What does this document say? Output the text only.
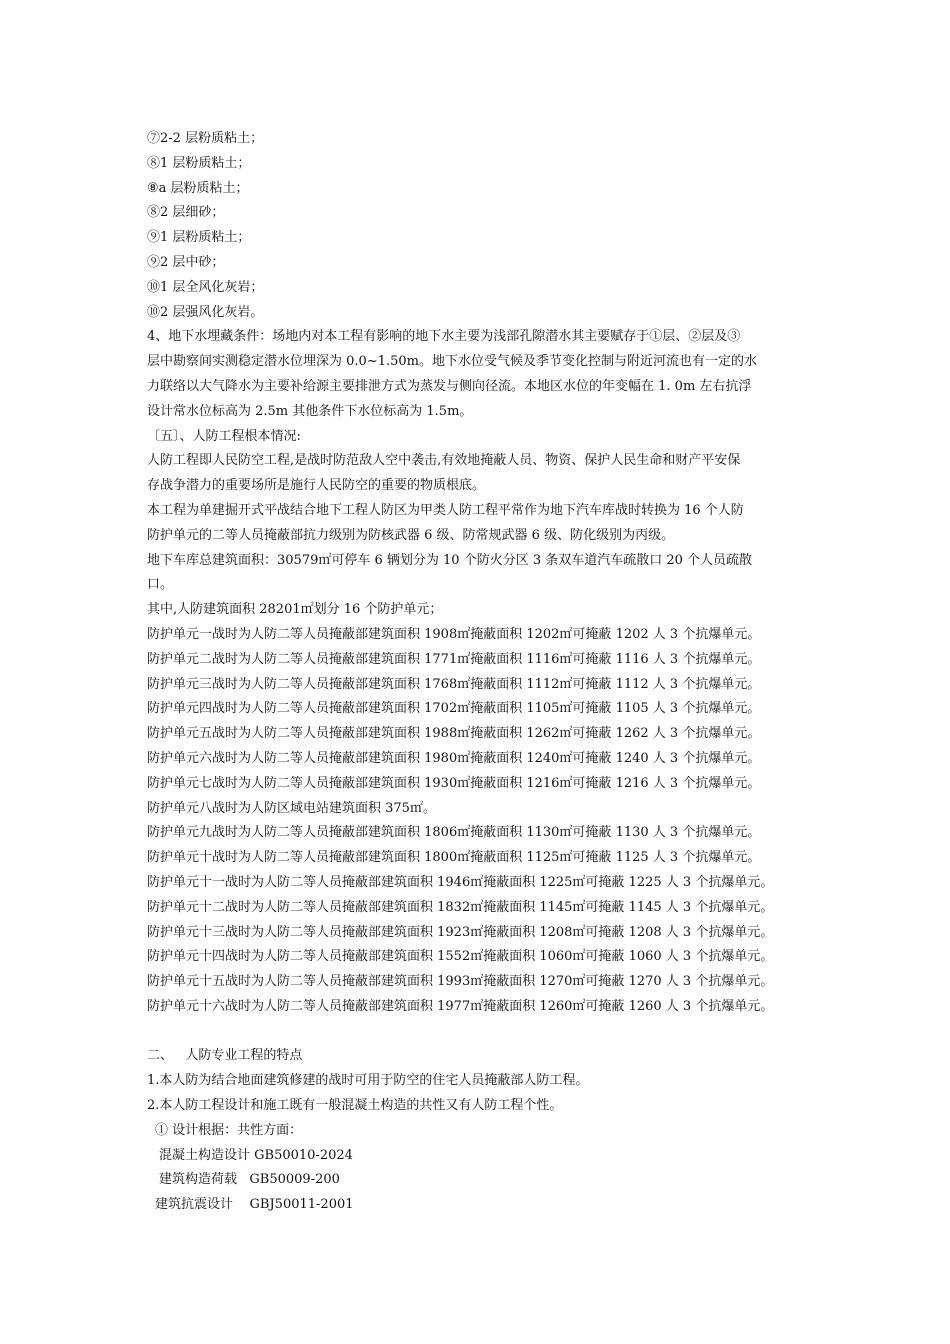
⑦2-2 层粉质粘土；
⑧1 层粉质粘土；
⑧a 层粉质粘土；
⑧2 层细砂；
⑨1 层粉质粘土；
⑨2 层中砂；
⑩1 层全风化灰岩；
⑩2 层强风化灰岩。
4、地下水埋藏条件：场地内对本工程有影响的地下水主要为浅部孔隙潜水其主要赋存于①层、②层及③
层中勘察间实测稳定潜水位埋深为 0.0~1.50m。地下水位受气候及季节变化控制与附近河流也有一定的水
力联络以大气降水为主要补给源主要排泄方式为蒸发与侧向径流。本地区水位的年变幅在 1. 0m 左右抗浮
设计常水位标高为 2.5m 其他条件下水位标高为 1.5m。
〔五〕、人防工程根本情况:
人防工程即人民防空工程,是战时防范敌人空中袭击,有效地掩蔽人员、物资、保护人民生命和财产平安保
存战争潜力的重要场所是施行人民防空的重要的物质根底。
本工程为单建掘开式平战结合地下工程人防区为甲类人防工程平常作为地下汽车库战时转换为 16 个人防
防护单元的二等人员掩蔽部抗力级别为防核武器 6 级、防常规武器 6 级、防化级别为丙级。
地下车库总建筑面积：30579㎡可停车 6 辆划分为 10 个防火分区 3 条双车道汽车疏散口 20 个人员疏散
口。
其中,人防建筑面积 28201㎡划分 16 个防护单元；
防护单元一战时为人防二等人员掩蔽部建筑面积 1908㎡掩蔽面积 1202㎡可掩蔽 1202 人 3 个抗爆单元。
防护单元二战时为人防二等人员掩蔽部建筑面积 1771㎡掩蔽面积 1116㎡可掩蔽 1116 人 3 个抗爆单元。
防护单元三战时为人防二等人员掩蔽部建筑面积 1768㎡掩蔽面积 1112㎡可掩蔽 1112 人 3 个抗爆单元。
防护单元四战时为人防二等人员掩蔽部建筑面积 1702㎡掩蔽面积 1105㎡可掩蔽 1105 人 3 个抗爆单元。
防护单元五战时为人防二等人员掩蔽部建筑面积 1988㎡掩蔽面积 1262㎡可掩蔽 1262 人 3 个抗爆单元。
防护单元六战时为人防二等人员掩蔽部建筑面积 1980㎡掩蔽面积 1240㎡可掩蔽 1240 人 3 个抗爆单元。
防护单元七战时为人防二等人员掩蔽部建筑面积 1930㎡掩蔽面积 1216㎡可掩蔽 1216 人 3 个抗爆单元。
防护单元八战时为人防区域电站建筑面积 375㎡。
防护单元九战时为人防二等人员掩蔽部建筑面积 1806㎡掩蔽面积 1130㎡可掩蔽 1130 人 3 个抗爆单元。
防护单元十战时为人防二等人员掩蔽部建筑面积 1800㎡掩蔽面积 1125㎡可掩蔽 1125 人 3 个抗爆单元。
防护单元十一战时为人防二等人员掩蔽部建筑面积 1946㎡掩蔽面积 1225㎡可掩蔽 1225 人 3 个抗爆单元。
防护单元十二战时为人防二等人员掩蔽部建筑面积 1832㎡掩蔽面积 1145㎡可掩蔽 1145 人 3 个抗爆单元。
防护单元十三战时为人防二等人员掩蔽部建筑面积 1923㎡掩蔽面积 1208㎡可掩蔽 1208 人 3 个抗爆单元。
防护单元十四战时为人防二等人员掩蔽部建筑面积 1552㎡掩蔽面积 1060㎡可掩蔽 1060 人 3 个抗爆单元。
防护单元十五战时为人防二等人员掩蔽部建筑面积 1993㎡掩蔽面积 1270㎡可掩蔽 1270 人 3 个抗爆单元。
防护单元十六战时为人防二等人员掩蔽部建筑面积 1977㎡掩蔽面积 1260㎡可掩蔽 1260 人 3 个抗爆单元。
二、   人防专业工程的特点
1.本人防为结合地面建筑修建的战时可用于防空的住宅人员掩蔽部人防工程。
2.本人防工程设计和施工既有一般混凝土构造的共性又有人防工程个性。
① 设计根据：共性方面：
混凝土构造设计 GB50010-2024
建筑构造荷载   GB50009-200
建筑抗震设计    GBJ50011-2001
